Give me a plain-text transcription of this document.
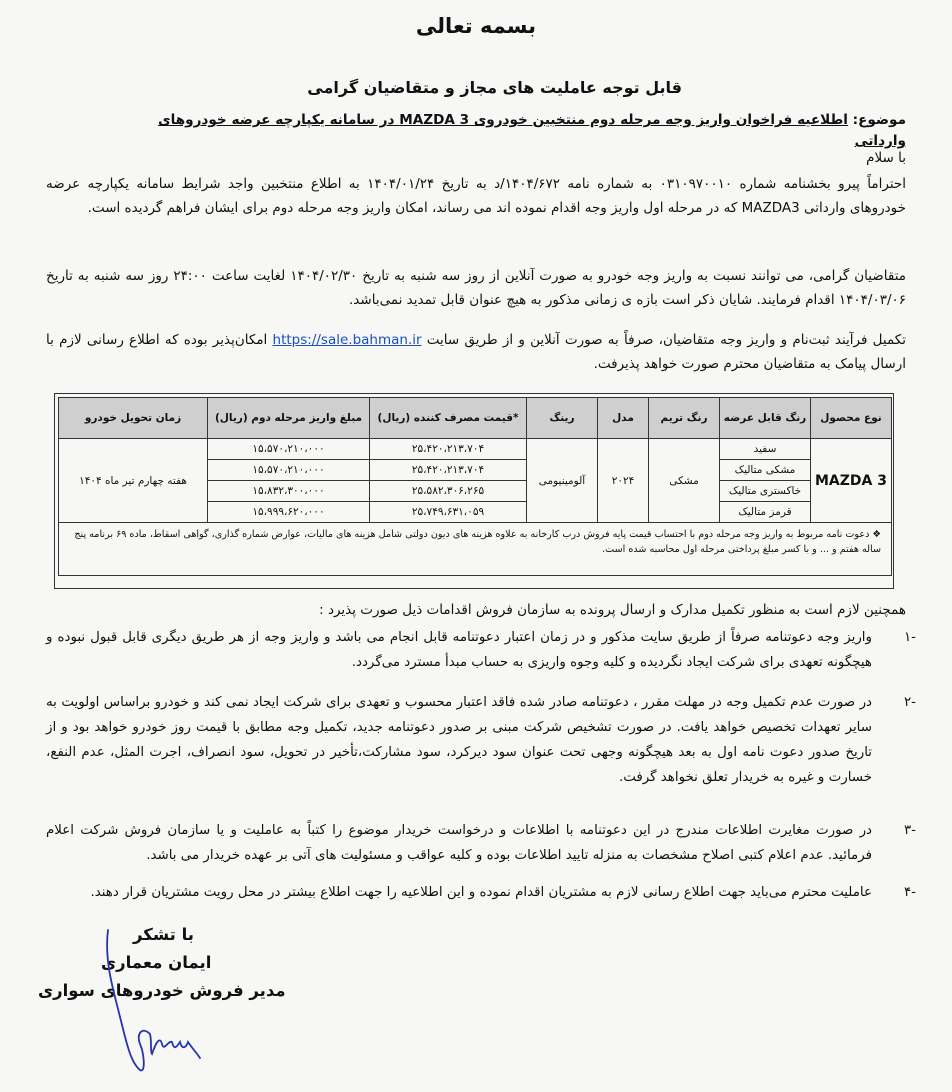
بسمه تعالی
قابل توجه عاملیت های مجاز و متقاضیان گرامی
موضوع: اطلاعیه فراخوان واریز وجه مرحله دوم منتخبین خودروی MAZDA 3 در سامانه یکپارچه عرضه خودروهای
وارداتی
با سلام
احتراماً پیرو بخشنامه شماره ۰۳۱۰۹۷۰۰۱۰ به شماره نامه ۱۴۰۴/۶۷۲/د به تاریخ ۱۴۰۴/۰۱/۲۴ به اطلاع منتخبین واجد شرایط سامانه یکپارچه عرضه خودروهای وارداتی MAZDA3 که در مرحله اول واریز وجه اقدام نموده اند می رساند، امکان واریز وجه مرحله دوم برای ایشان فراهم گردیده است.
متقاضیان گرامی، می توانند نسبت به واریز وجه خودرو به صورت آنلاین از روز سه شنبه به تاریخ ۱۴۰۴/۰۲/۳۰ لغایت ساعت ۲۴:۰۰ روز سه شنبه به تاریخ ۱۴۰۴/۰۳/۰۶ اقدام فرمایند. شایان ذکر است بازه ی زمانی مذکور به هیچ عنوان قابل تمدید نمی‌باشد.
تکمیل فرآیند ثبت‌نام و واریز وجه متقاضیان، صرفاً به صورت آنلاین و از طریق سایت https://sale.bahman.ir امکان‌پذیر بوده که اطلاع رسانی لازم با ارسال پیامک به متقاضیان محترم صورت خواهد پذیرفت.
نوع محصول	رنگ قابل عرضه	رنگ تریم	مدل	رینگ	*قیمت مصرف کننده (ریال)	مبلغ واریز مرحله دوم (ریال)	زمان تحویل خودرو
MAZDA 3	سفید	مشکی	۲۰۲۴	آلومینیومی	۲۵،۴۲۰،۲۱۳،۷۰۴	۱۵،۵۷۰،۲۱۰،۰۰۰	هفته چهارم تیر ماه ۱۴۰۴
	مشکی متالیک				۲۵،۴۲۰،۲۱۳،۷۰۴	۱۵،۵۷۰،۲۱۰،۰۰۰	
	خاکستری متالیک				۲۵،۵۸۲،۳۰۶،۲۶۵	۱۵،۸۳۲،۳۰۰،۰۰۰	
	قرمز متالیک				۲۵،۷۴۹،۶۳۱،۰۵۹	۱۵،۹۹۹،۶۲۰،۰۰۰	
❖ دعوت نامه مربوط به واریز وجه مرحله دوم با احتساب قیمت پایه فروش درب کارخانه به علاوه هزینه های دیون دولتی شامل هزینه های مالیات، عوارض شماره گذاری، گواهی اسقاط، ماده ۶۹ برنامه پنج ساله هفتم و ... و با کسر مبلغ پرداختی مرحله اول محاسبه شده است.							
همچنین لازم است به منظور تکمیل مدارک و ارسال پرونده به سازمان فروش اقدامات ذیل صورت پذیرد :
-۱
واریز وجه دعوتنامه صرفاً از طریق سایت مذکور و در زمان اعتبار دعوتنامه قابل انجام می باشد و واریز وجه از هر طریق دیگری قابل قبول نبوده و هیچگونه تعهدی برای شرکت ایجاد نگردیده و کلیه وجوه واریزی به حساب مبدأ مسترد می‌گردد.
-۲
در صورت عدم تکمیل وجه در مهلت مقرر ، دعوتنامه صادر شده فاقد اعتبار محسوب و تعهدی برای شرکت ایجاد نمی کند و خودرو براساس اولویت به سایر تعهدات تخصیص خواهد یافت. در صورت تشخیص شرکت مبنی بر صدور دعوتنامه جدید، تکمیل وجه مطابق با قیمت روز خودرو خواهد بود و از تاریخ صدور دعوت نامه اول به بعد هیچگونه وجهی تحت عنوان سود دیرکرد، سود مشارکت،تأخیر در تحویل، سود انصراف، اجرت المثل، عدم النفع، خسارت و غیره به خریدار تعلق نخواهد گرفت.
-۳
در صورت مغایرت اطلاعات مندرج در این دعوتنامه با اطلاعات و درخواست خریدار موضوع را کتباً به عاملیت و یا سازمان فروش شرکت اعلام فرمائید. عدم اعلام کتبی اصلاح مشخصات به منزله تایید اطلاعات بوده و کلیه عواقب و مسئولیت های آتی بر عهده خریدار می باشد.
-۴
عاملیت محترم می‌باید جهت اطلاع رسانی لازم به مشتریان اقدام نموده و این اطلاعیه را جهت اطلاع بیشتر در محل رویت مشتریان قرار دهند.
با تشکر
ایمان معماری
مدیر فروش خودروهای سواری
